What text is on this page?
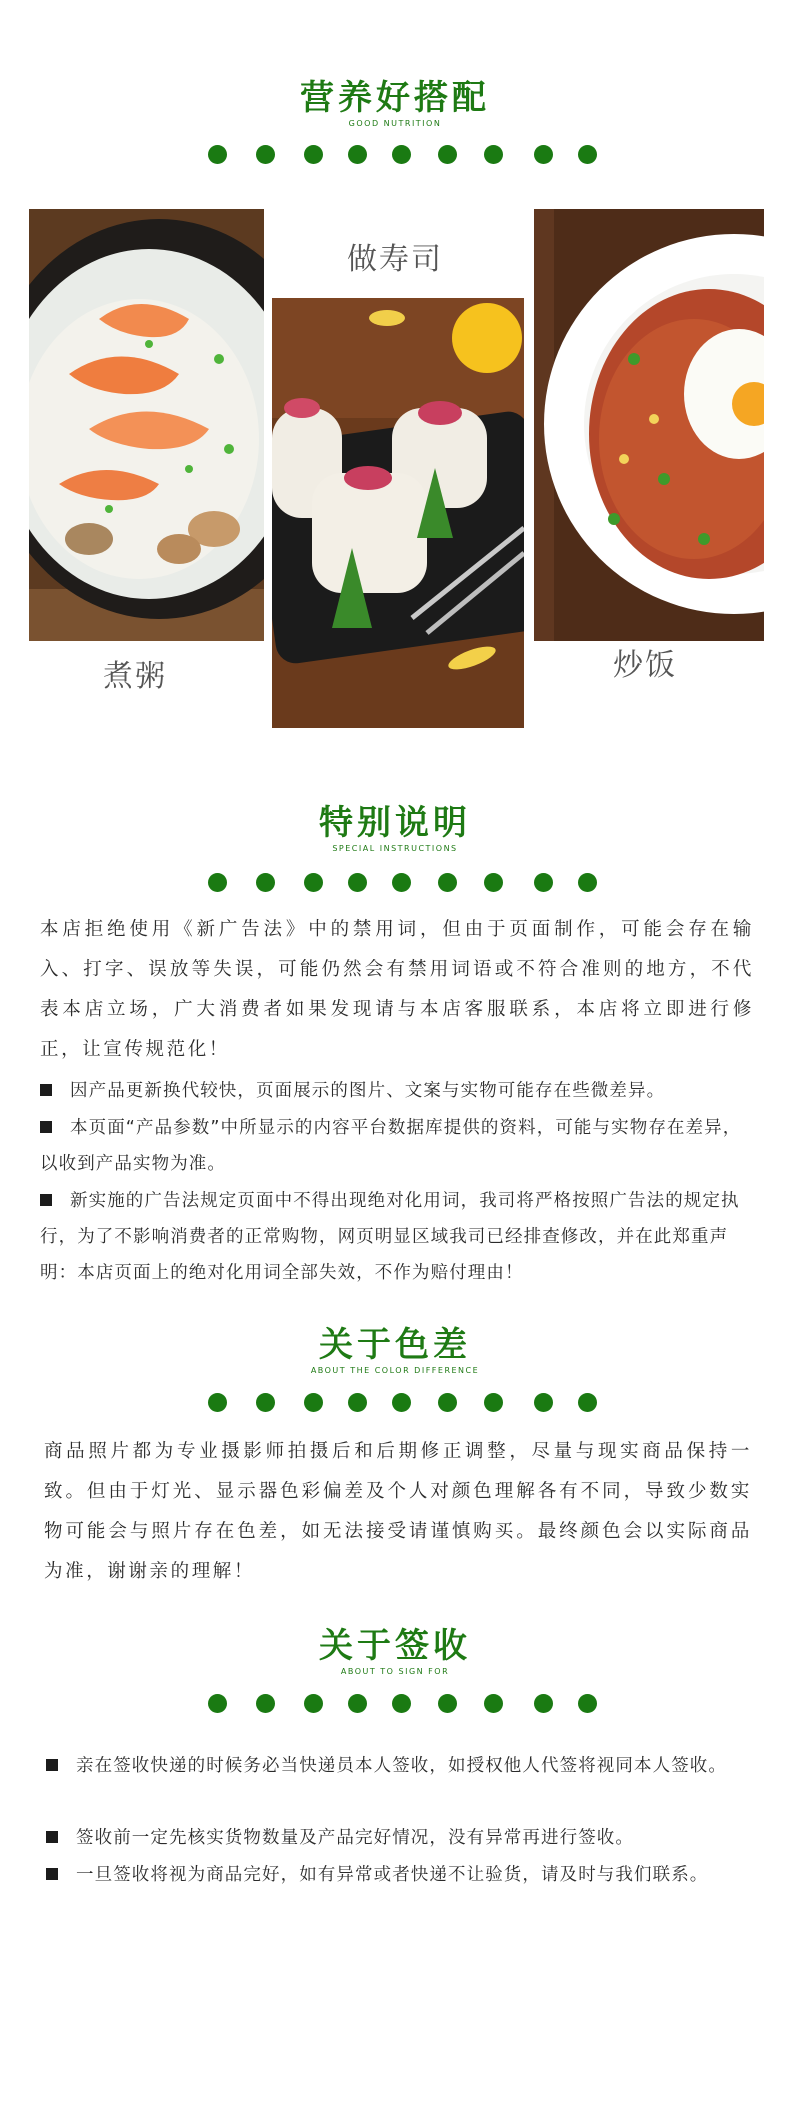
营养好搭配
GOOD NUTRITION
煮粥
做寿司
炒饭
特别说明
SPECIAL INSTRUCTIONS
本店拒绝使用《新广告法》中的禁用词，但由于页面制作，可能会存在输入、打字、误放等失误，可能仍然会有禁用词语或不符合准则的地方，不代表本店立场，广大消费者如果发现请与本店客服联系，本店将立即进行修正，让宣传规范化！
因产品更新换代较快，页面展示的图片、文案与实物可能存在些微差异。
本页面“产品参数”中所显示的内容平台数据库提供的资料，可能与实物存在差异，以收到产品实物为准。
新实施的广告法规定页面中不得出现绝对化用词，我司将严格按照广告法的规定执行，为了不影响消费者的正常购物，网页明显区域我司已经排查修改，并在此郑重声明：本店页面上的绝对化用词全部失效，不作为赔付理由！
关于色差
ABOUT THE COLOR DIFFERENCE
商品照片都为专业摄影师拍摄后和后期修正调整，尽量与现实商品保持一致。但由于灯光、显示器色彩偏差及个人对颜色理解各有不同，导致少数实物可能会与照片存在色差，如无法接受请谨慎购买。最终颜色会以实际商品为准，谢谢亲的理解！
关于签收
ABOUT TO SIGN FOR
亲在签收快递的时候务必当快递员本人签收，如授权他人代签将视同本人签收。
签收前一定先核实货物数量及产品完好情况，没有异常再进行签收。
一旦签收将视为商品完好，如有异常或者快递不让验货，请及时与我们联系。
